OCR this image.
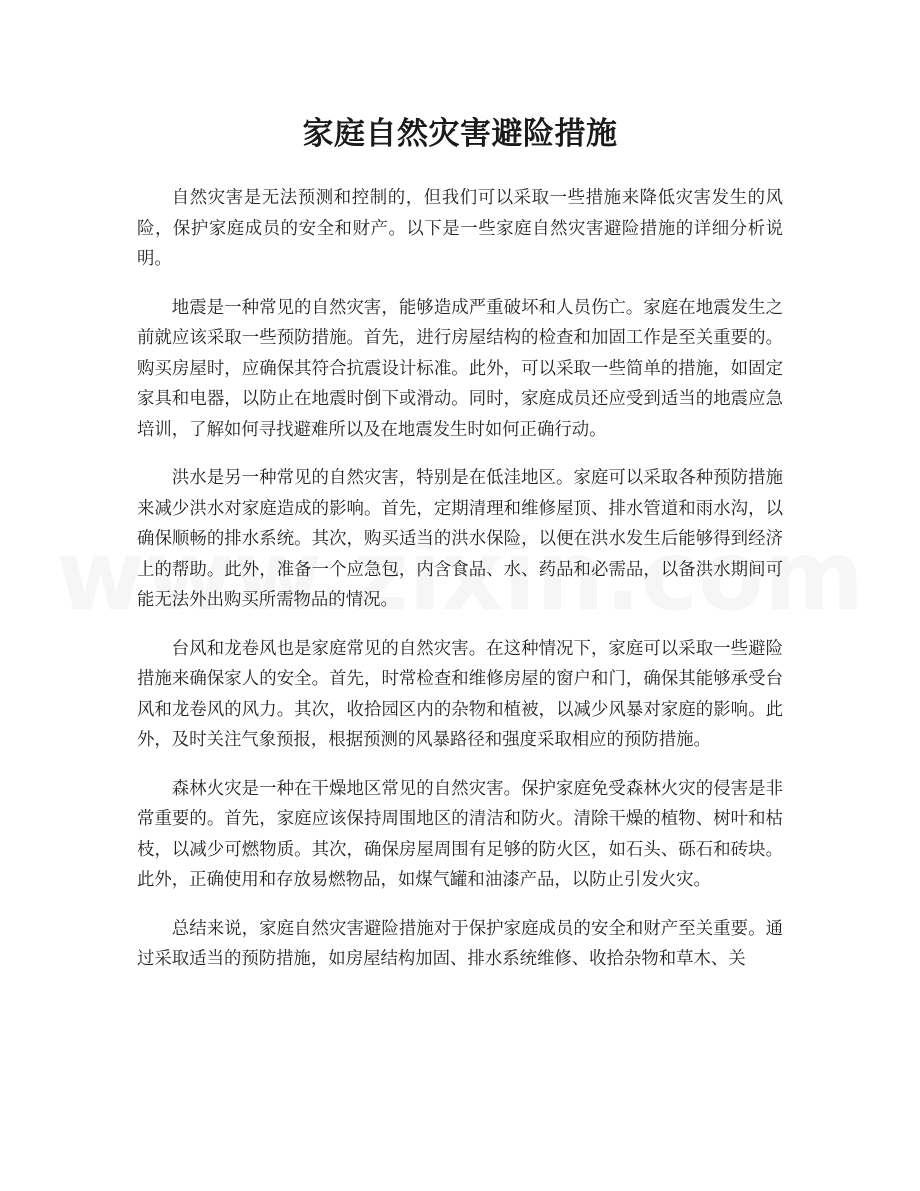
家庭自然灾害避险措施

自然灾害是无法预测和控制的，但我们可以采取一些措施来降低灾害发生的风险，保护家庭成员的安全和财产。以下是一些家庭自然灾害避险措施的详细分析说明。

地震是一种常见的自然灾害，能够造成严重破坏和人员伤亡。家庭在地震发生之前就应该采取一些预防措施。首先，进行房屋结构的检查和加固工作是至关重要的。购买房屋时，应确保其符合抗震设计标准。此外，可以采取一些简单的措施，如固定家具和电器，以防止在地震时倒下或滑动。同时，家庭成员还应受到适当的地震应急培训，了解如何寻找避难所以及在地震发生时如何正确行动。

洪水是另一种常见的自然灾害，特别是在低洼地区。家庭可以采取各种预防措施来减少洪水对家庭造成的影响。首先，定期清理和维修屋顶、排水管道和雨水沟，以确保顺畅的排水系统。其次，购买适当的洪水保险，以便在洪水发生后能够得到经济上的帮助。此外，准备一个应急包，内含食品、水、药品和必需品，以备洪水期间可能无法外出购买所需物品的情况。

台风和龙卷风也是家庭常见的自然灾害。在这种情况下，家庭可以采取一些避险措施来确保家人的安全。首先，时常检查和维修房屋的窗户和门，确保其能够承受台风和龙卷风的风力。其次，收拾园区内的杂物和植被，以减少风暴对家庭的影响。此外，及时关注气象预报，根据预测的风暴路径和强度采取相应的预防措施。

森林火灾是一种在干燥地区常见的自然灾害。保护家庭免受森林火灾的侵害是非常重要的。首先，家庭应该保持周围地区的清洁和防火。清除干燥的植物、树叶和枯枝，以减少可燃物质。其次，确保房屋周围有足够的防火区，如石头、砾石和砖块。此外，正确使用和存放易燃物品，如煤气罐和油漆产品，以防止引发火灾。

总结来说，家庭自然灾害避险措施对于保护家庭成员的安全和财产至关重要。通过采取适当的预防措施，如房屋结构加固、排水系统维修、收拾杂物和草木、关
